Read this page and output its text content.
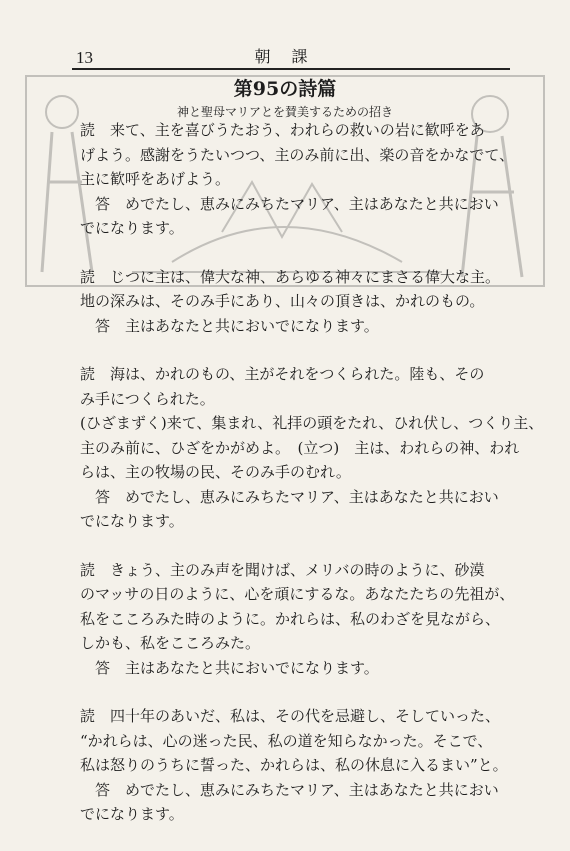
朝 課
13

第95の詩篇

神と聖母マリアとを賛美するための招き

読　来て、主を喜びうたおう、われらの救いの岩に歓呼をあ
げよう。感謝をうたいつつ、主のみ前に出、楽の音をかなでて、
主に歓呼をあげよう。
　答　めでたし、恵みにみちたマリア、主はあなたと共におい
でになります。
読　じつに主は、偉大な神、あらゆる神々にまさる偉大な主。
地の深みは、そのみ手にあり、山々の頂きは、かれのもの。
　答　主はあなたと共においでになります。
読　海は、かれのもの、主がそれをつくられた。陸も、その
み手につくられた。
(ひざまずく)来て、集まれ、礼拝の頭をたれ、ひれ伏し、つくり主、
主のみ前に、ひざをかがめよ。　(立つ)　主は、われらの神、われ
らは、主の牧場の民、そのみ手のむれ。
　答　めでたし、恵みにみちたマリア、主はあなたと共におい
でになります。
読　きょう、主のみ声を聞けば、メリバの時のように、砂漠
のマッサの日のように、心を頑にするな。あなたたちの先祖が、
私をこころみた時のように。かれらは、私のわざを見ながら、
しかも、私をこころみた。
　答　主はあなたと共においでになります。
読　四十年のあいだ、私は、その代を忌避し、そしていった、
“かれらは、心の迷った民、私の道を知らなかった。そこで、
私は怒りのうちに誓った、かれらは、私の休息に入るまい”と。
　答　めでたし、恵みにみちたマリア、主はあなたと共におい
でになります。
